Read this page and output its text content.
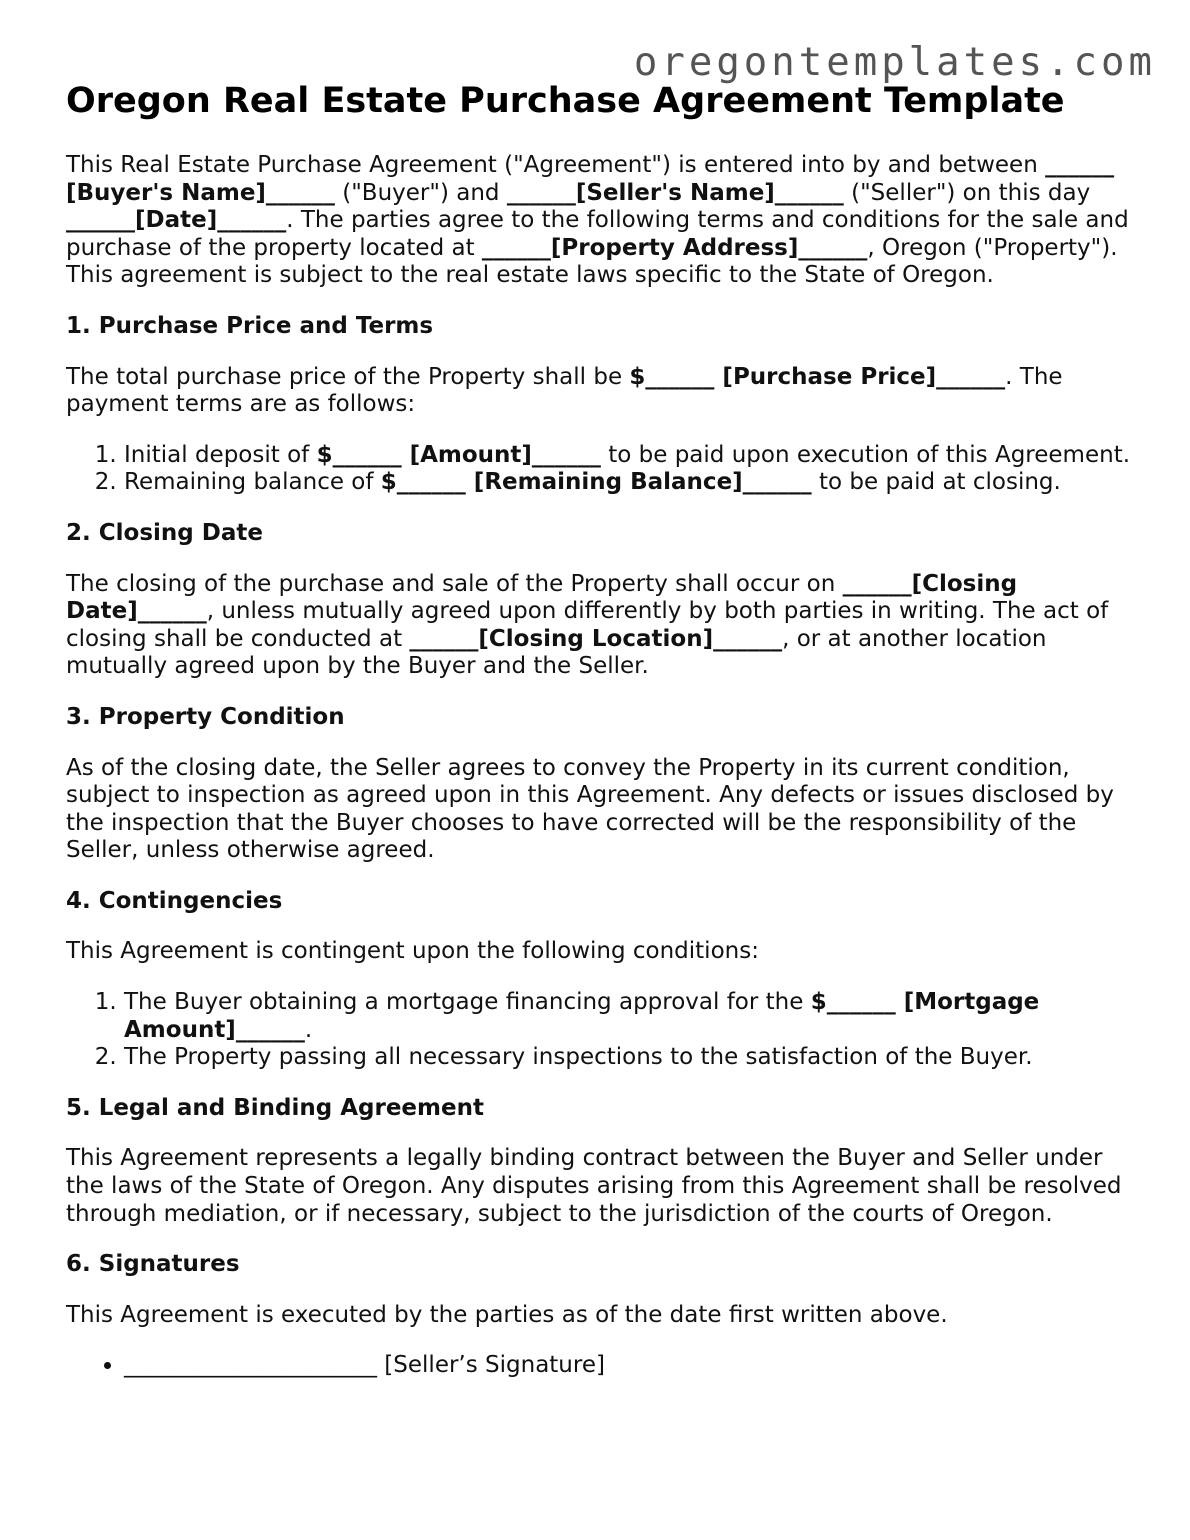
oregontemplates.com
Oregon Real Estate Purchase Agreement Template

This Real Estate Purchase Agreement ("Agreement") is entered into by and between ______ [Buyer's Name]______ ("Buyer") and ______[Seller's Name]______ ("Seller") on this day ______[Date]______. The parties agree to the following terms and conditions for the sale and purchase of the property located at ______[Property Address]______, Oregon ("Property"). This agreement is subject to the real estate laws specific to the State of Oregon.

1. Purchase Price and Terms

The total purchase price of the Property shall be $______ [Purchase Price]______. The payment terms are as follows:

1. Initial deposit of $______ [Amount]______ to be paid upon execution of this Agreement.
2. Remaining balance of $______ [Remaining Balance]______ to be paid at closing.
2. Closing Date

The closing of the purchase and sale of the Property shall occur on ______[Closing Date]______, unless mutually agreed upon differently by both parties in writing. The act of closing shall be conducted at ______[Closing Location]______, or at another location mutually agreed upon by the Buyer and the Seller.

3. Property Condition

As of the closing date, the Seller agrees to convey the Property in its current condition, subject to inspection as agreed upon in this Agreement. Any defects or issues disclosed by the inspection that the Buyer chooses to have corrected will be the responsibility of the Seller, unless otherwise agreed.

4. Contingencies

This Agreement is contingent upon the following conditions:

1. The Buyer obtaining a mortgage financing approval for the $______ [Mortgage Amount]______.
2. The Property passing all necessary inspections to the satisfaction of the Buyer.
5. Legal and Binding Agreement

This Agreement represents a legally binding contract between the Buyer and Seller under the laws of the State of Oregon. Any disputes arising from this Agreement shall be resolved through mediation, or if necessary, subject to the jurisdiction of the courts of Oregon.

6. Signatures

This Agreement is executed by the parties as of the date first written above.

• ______________________ [Seller’s Signature]
